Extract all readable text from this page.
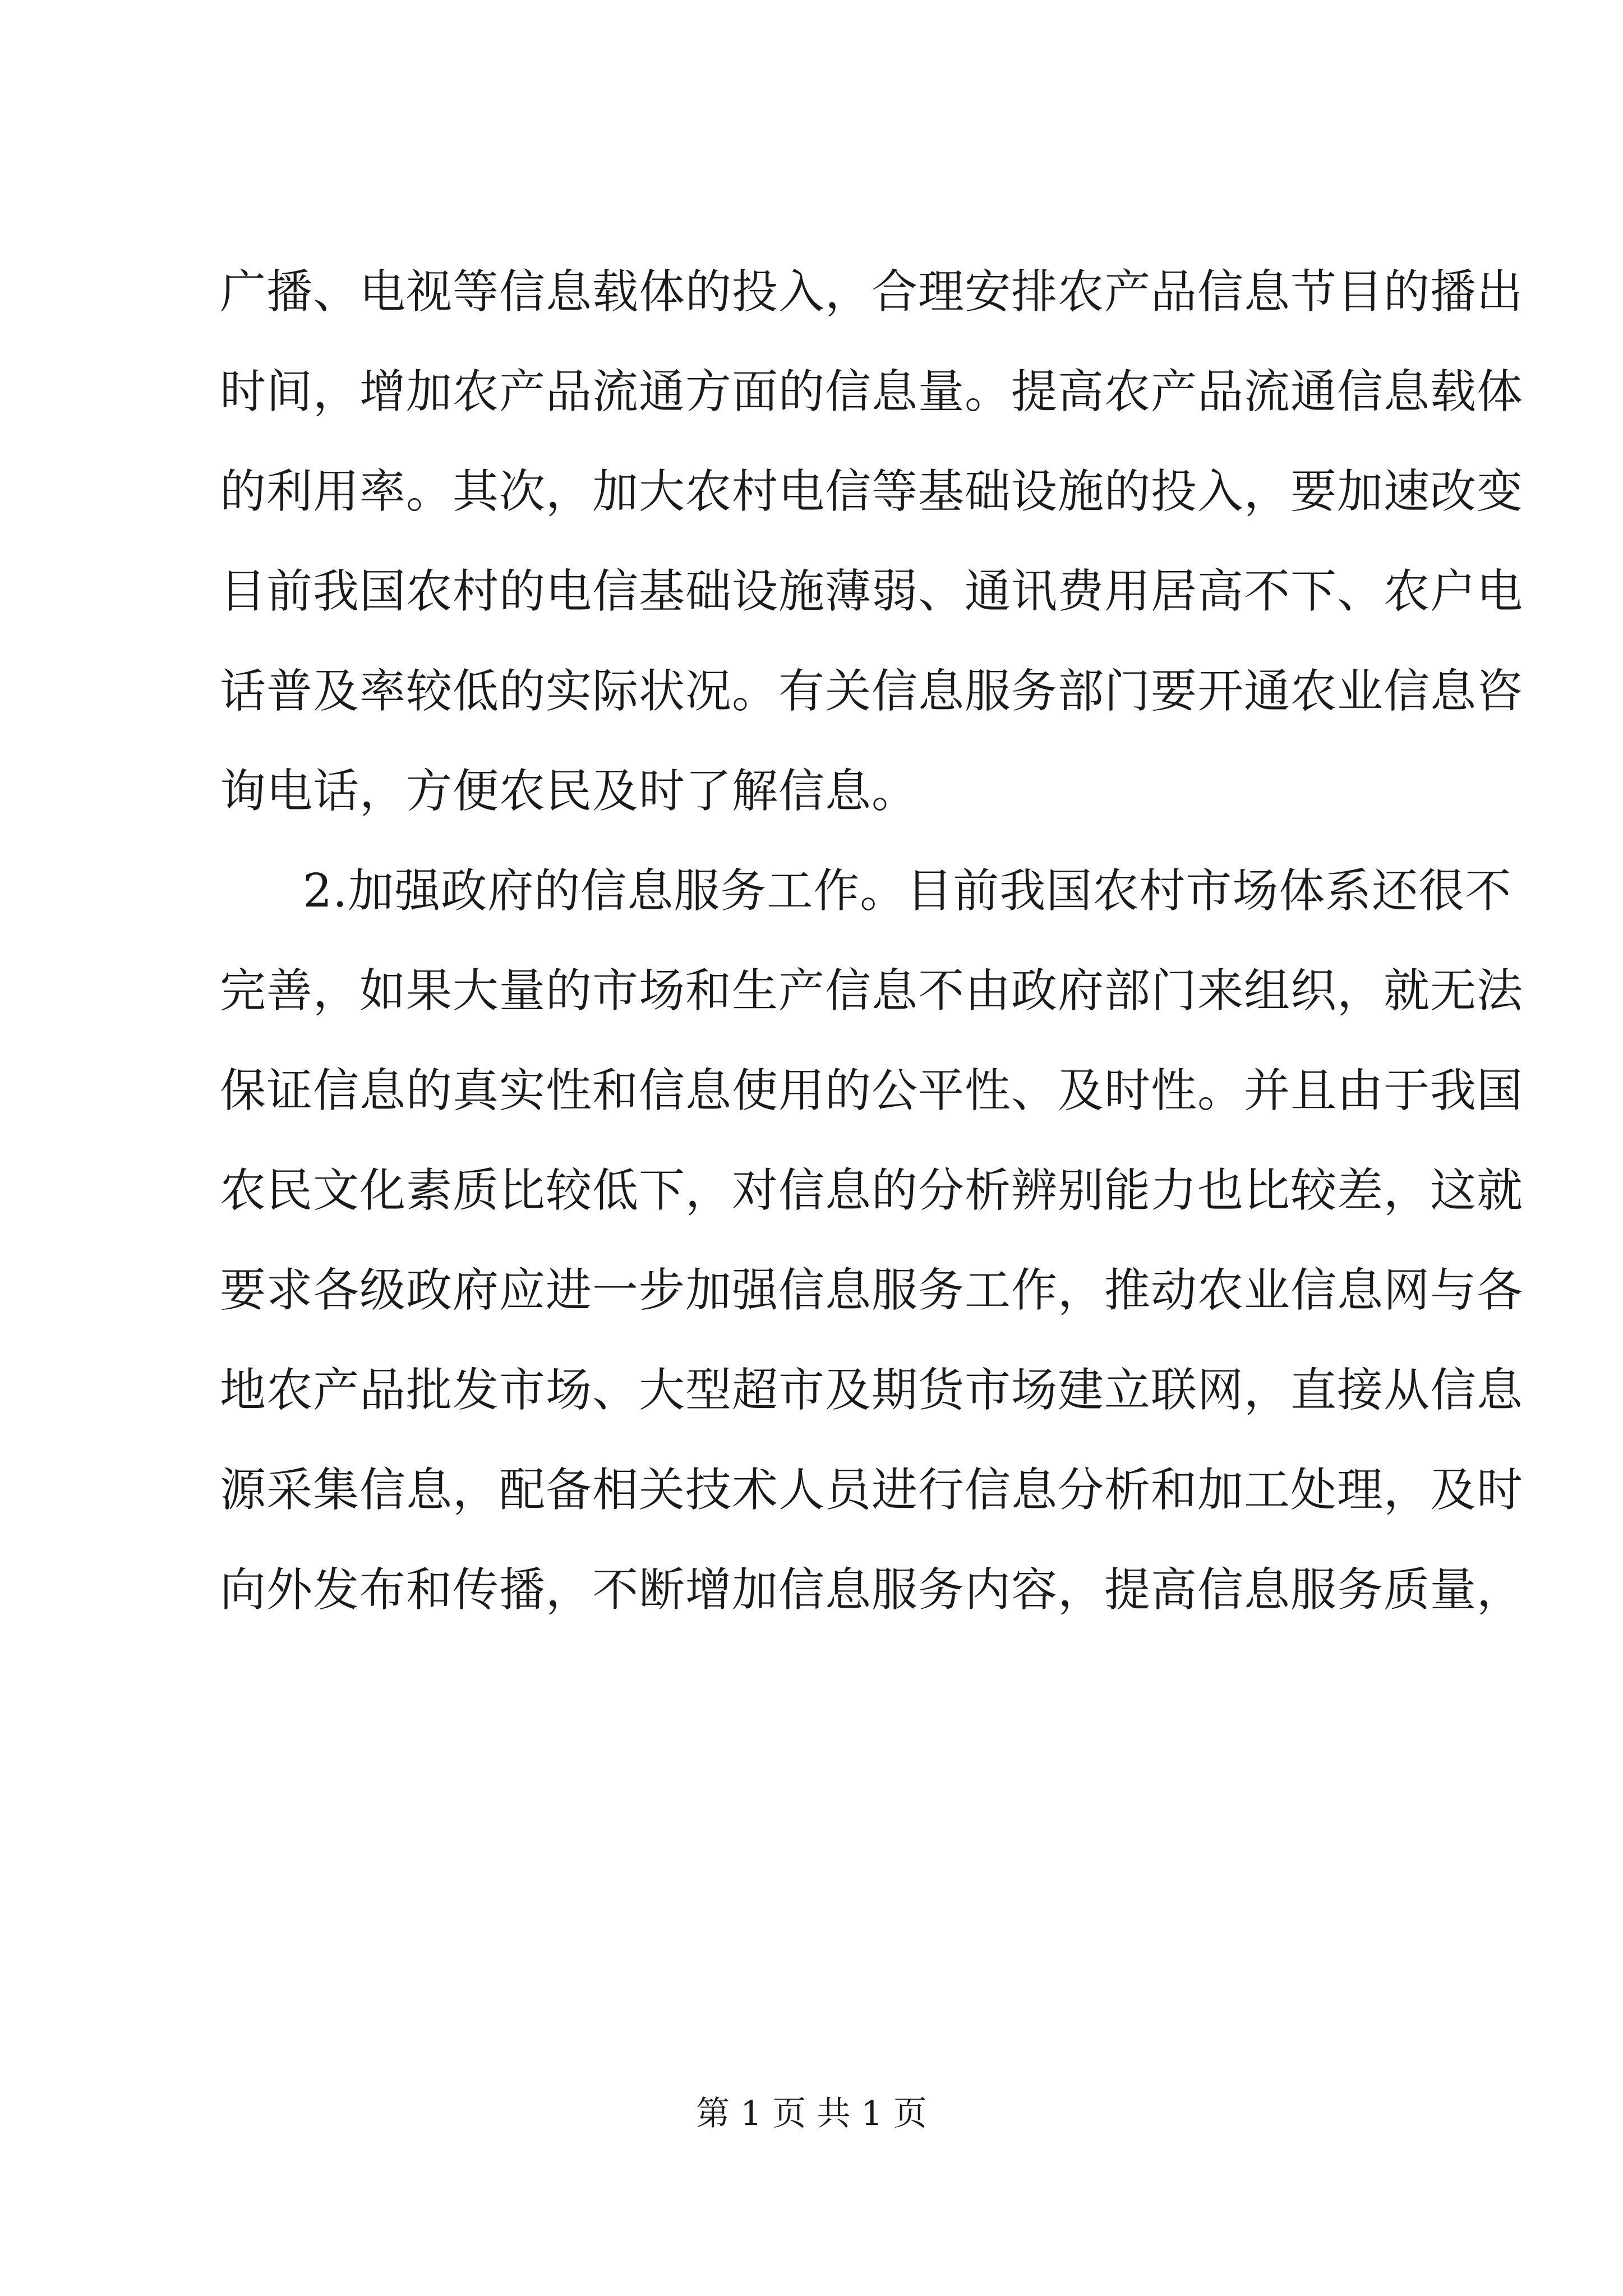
广播、电视等信息载体的投入，合理安排农产品信息节目的播出
时间，增加农产品流通方面的信息量。提高农产品流通信息载体
的利用率。其次，加大农村电信等基础设施的投入，要加速改变
目前我国农村的电信基础设施薄弱、通讯费用居高不下、农户电
话普及率较低的实际状况。有关信息服务部门要开通农业信息咨
询电话，方便农民及时了解信息。
2.加强政府的信息服务工作。目前我国农村市场体系还很不
完善，如果大量的市场和生产信息不由政府部门来组织，就无法
保证信息的真实性和信息使用的公平性、及时性。并且由于我国
农民文化素质比较低下，对信息的分析辨别能力也比较差，这就
要求各级政府应进一步加强信息服务工作，推动农业信息网与各
地农产品批发市场、大型超市及期货市场建立联网，直接从信息
源采集信息，配备相关技术人员进行信息分析和加工处理，及时
向外发布和传播，不断增加信息服务内容，提高信息服务质量，
第 1 页 共 1 页
